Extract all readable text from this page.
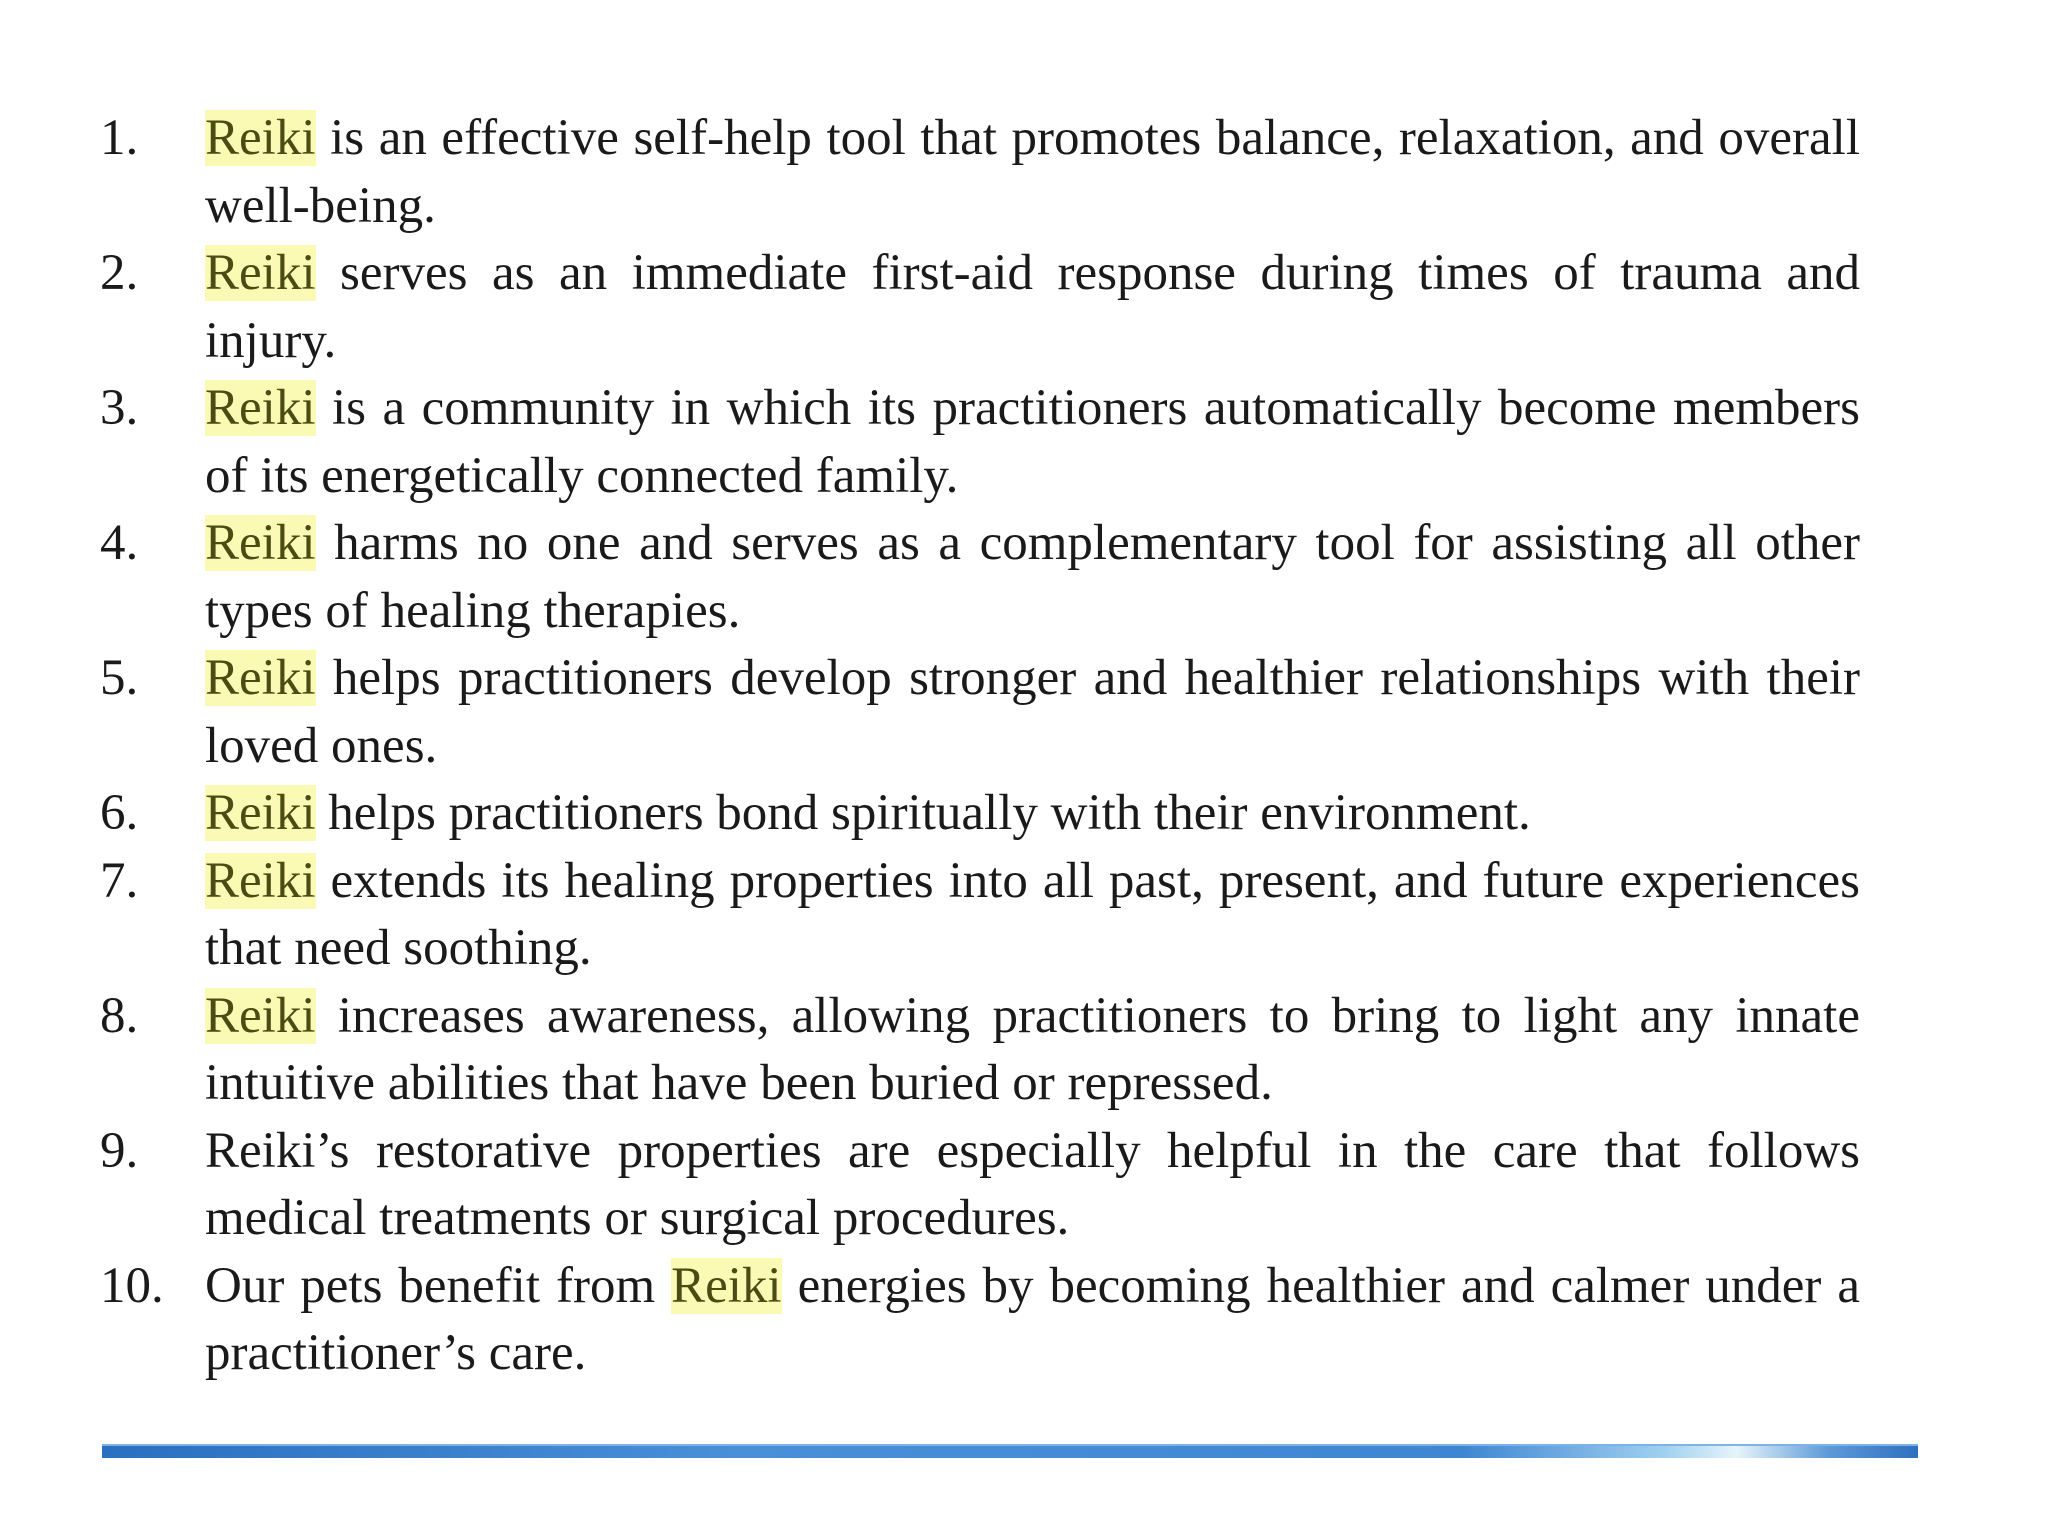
1.	Reiki is an effective self-help tool that promotes balance, relaxation, and overall well-being.
2.	Reiki serves as an immediate first-aid response during times of trauma and injury.
3.	Reiki is a community in which its practitioners automatically become members of its energetically connected family.
4.	Reiki harms no one and serves as a complementary tool for assisting all other types of healing therapies.
5.	Reiki helps practitioners develop stronger and healthier relationships with their loved ones.
6.	Reiki helps practitioners bond spiritually with their environment.
7.	Reiki extends its healing properties into all past, present, and future experiences that need soothing.
8.	Reiki increases awareness, allowing practitioners to bring to light any innate intuitive abilities that have been buried or repressed.
9.	Reiki’s restorative properties are especially helpful in the care that follows medical treatments or surgical procedures.
10. Our pets benefit from Reiki energies by becoming healthier and calmer under a practitioner’s care.
